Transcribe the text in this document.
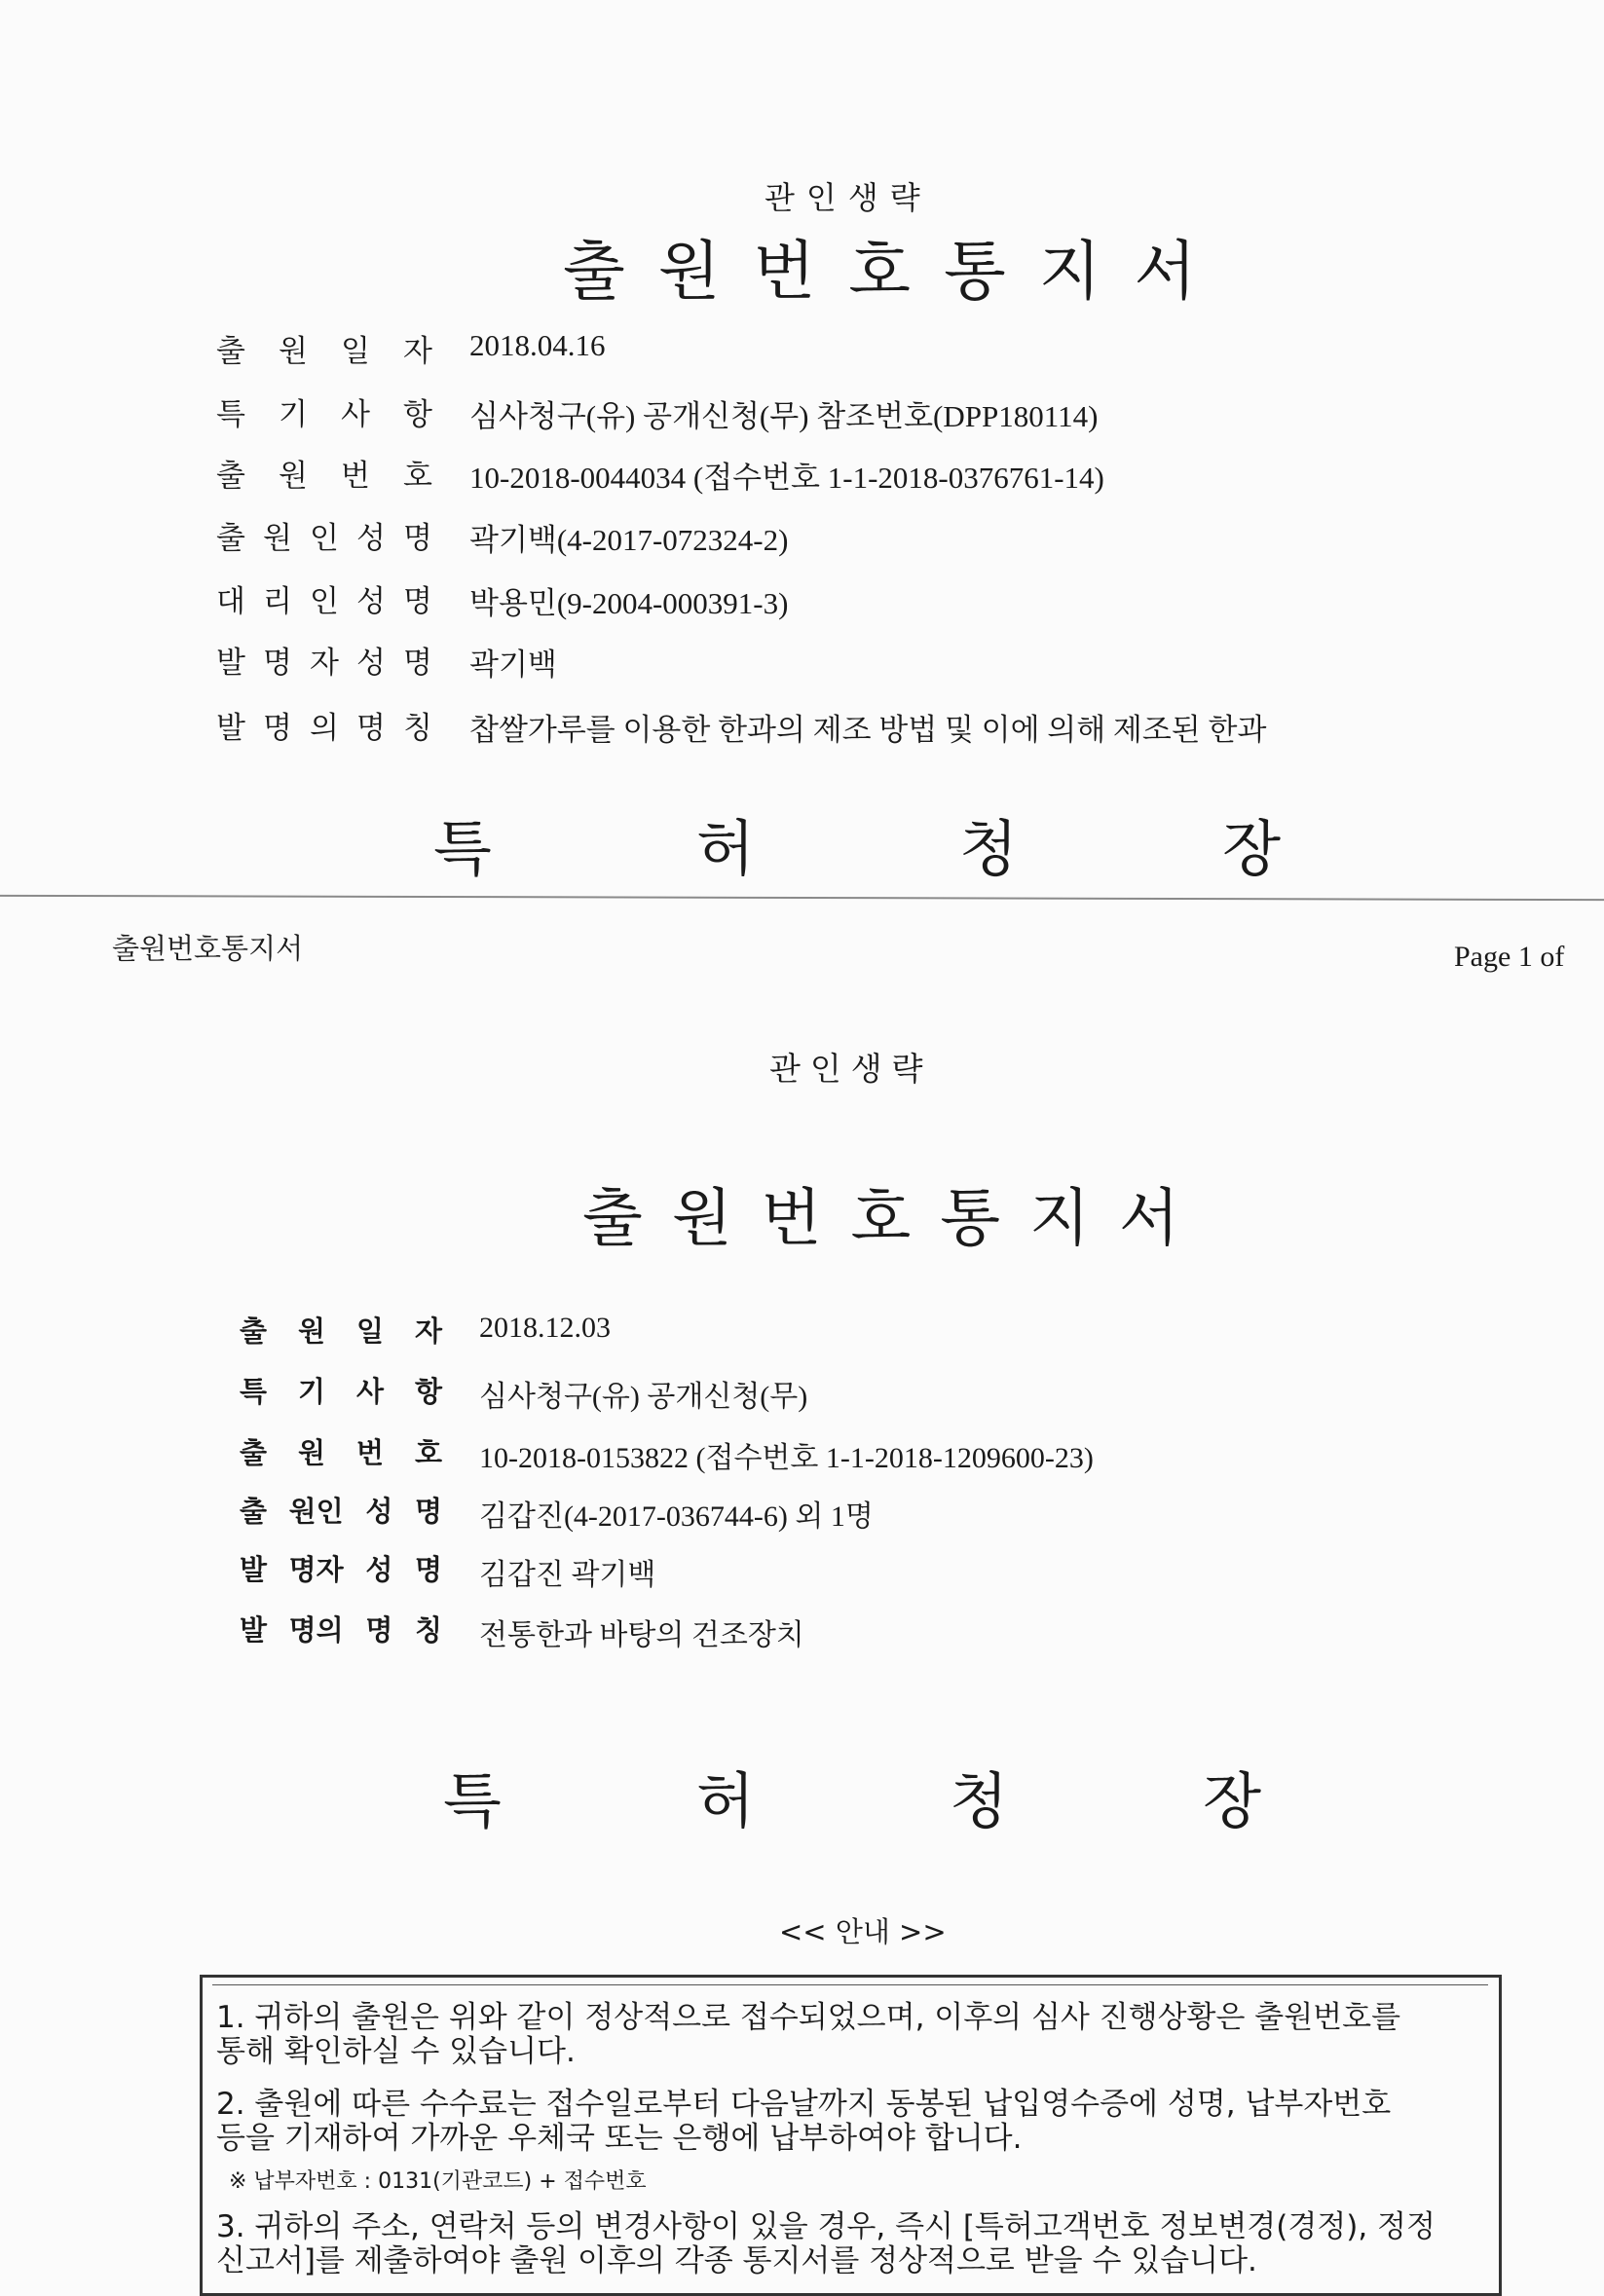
관인생략
출원번호통지서
출 원 일 자 2018.04.16
특 기 사 항 심사청구(유) 공개신청(무) 참조번호(DPP180114)
출 원 번 호 10-2018-0044034 (접수번호 1-1-2018-0376761-14)
출 원 인 성 명 곽기백(4-2017-072324-2)
대 리 인 성 명 박용민(9-2004-000391-3)
발 명 자 성 명 곽기백
발 명 의 명 칭 찹쌀가루를 이용한 한과의 제조 방법 및 이에 의해 제조된 한과
특	허	청	장
출원번호통지서	Page 1 of
관인생략
출원번호통지서
출 원 일 자 2018.12.03
특 기 사 항 심사청구(유) 공개신청(무)
출 원 번 호 10-2018-0153822 (접수번호 1-1-2018-1209600-23)
출 원인 성 명 김갑진(4-2017-036744-6) 외 1명
발 명자 성 명 김갑진 곽기백
발 명의 명 칭 전통한과 바탕의 건조장치
특	허	청	장
<< 안내 >>
1. 귀하의 출원은 위와 같이 정상적으로 접수되었으며, 이후의 심사 진행상황은 출원번호를
통해 확인하실 수 있습니다.
2. 출원에 따른 수수료는 접수일로부터 다음날까지 동봉된 납입영수증에 성명, 납부자번호
등을 기재하여 가까운 우체국 또는 은행에 납부하여야 합니다.
※ 납부자번호 : 0131(기관코드) + 접수번호
3. 귀하의 주소, 연락처 등의 변경사항이 있을 경우, 즉시 [특허고객번호 정보변경(경정), 정정
신고서]를 제출하여야 출원 이후의 각종 통지서를 정상적으로 받을 수 있습니다.
